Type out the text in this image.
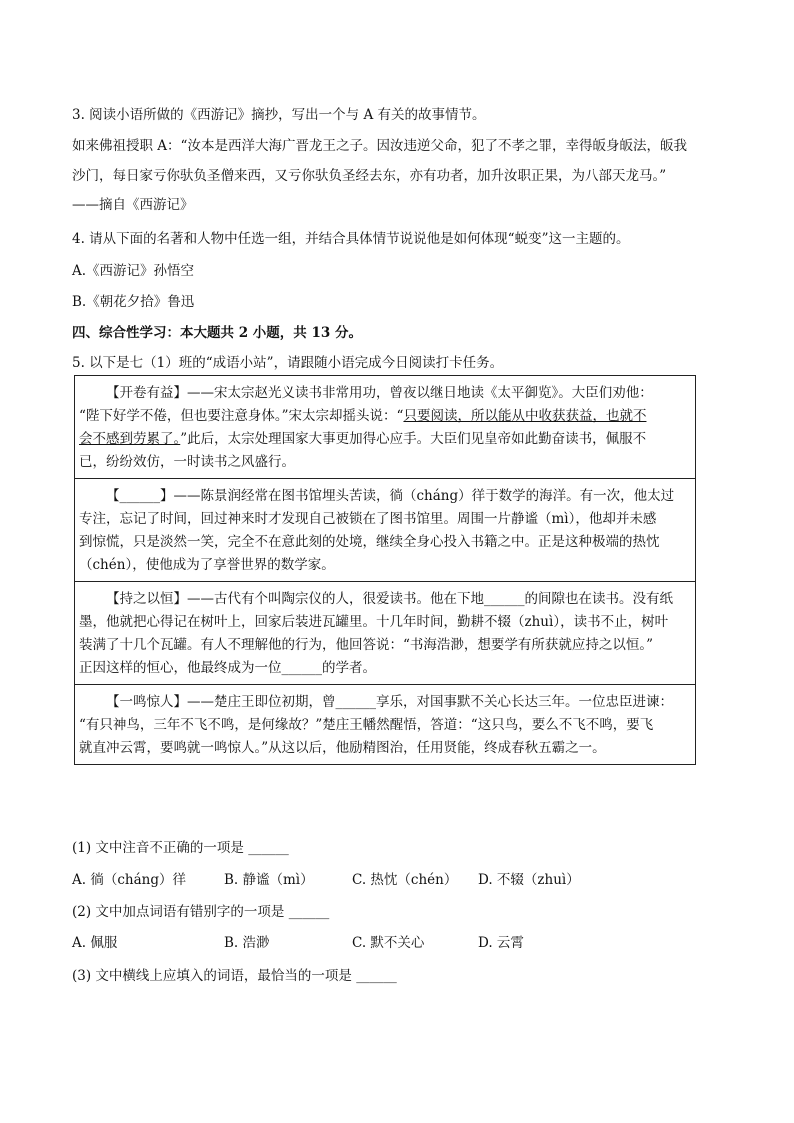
3. 阅读小语所做的《西游记》摘抄，写出一个与 A 有关的故事情节。
如来佛祖授职 A：“汝本是西洋大海广晋龙王之子。因汝违逆父命，犯了不孝之罪，幸得皈身皈法，皈我
沙门，每日家亏你驮负圣僧来西，又亏你驮负圣经去东，亦有功者，加升汝职正果，为八部天龙马。”
——摘自《西游记》
4. 请从下面的名著和人物中任选一组，并结合具体情节说说他是如何体现“蜕变”这一主题的。
A.《西游记》孙悟空
B.《朝花夕拾》鲁迅
四、综合性学习：本大题共 2 小题，共 13 分。
5. 以下是七（1）班的“成语小站”，请跟随小语完成今日阅读打卡任务。
【开卷有益】——宋太宗赵光义读书非常用功，曾夜以继日地读《太平御览》。大臣们劝他：
“陛下好学不倦，但也要注意身体。”宋太宗却摇头说：“只要阅读，所以能从中收获获益，也就不
会不感到劳累了。”此后，太宗处理国家大事更加得心应手。大臣们见皇帝如此勤奋读书，佩服不
已，纷纷效仿，一时读书之风盛行。
【______】——陈景润经常在图书馆埋头苦读，徜（cháng）徉于数学的海洋。有一次，他太过
专注，忘记了时间，回过神来时才发现自己被锁在了图书馆里。周围一片静谧（mì），他却并未感
到惊慌，只是淡然一笑，完全不在意此刻的处境，继续全身心投入书籍之中。正是这种极端的热忱
（chén），使他成为了享誉世界的数学家。
【持之以恒】——古代有个叫陶宗仪的人，很爱读书。他在下地______的间隙也在读书。没有纸
墨，他就把心得记在树叶上，回家后装进瓦罐里。十几年时间，勤耕不辍（zhuì），读书不止，树叶
装满了十几个瓦罐。有人不理解他的行为，他回答说：“书海浩渺，想要学有所获就应持之以恒。”
正因这样的恒心，他最终成为一位______的学者。
【一鸣惊人】——楚庄王即位初期，曾______享乐，对国事默不关心长达三年。一位忠臣进谏：
“有只神鸟，三年不飞不鸣，是何缘故？”楚庄王幡然醒悟，答道：“这只鸟，要么不飞不鸣，要飞
就直冲云霄，要鸣就一鸣惊人。”从这以后，他励精图治，任用贤能，终成春秋五霸之一。
(1) 文中注音不正确的一项是 ______
A. 徜（cháng）徉	B. 静谧（mì）	C. 热忱（chén） D. 不辍（zhuì）
(2) 文中加点词语有错别字的一项是 ______
A. 佩服	B. 浩渺	C. 默不关心	D. 云霄
(3) 文中横线上应填入的词语，最恰当的一项是 ______
